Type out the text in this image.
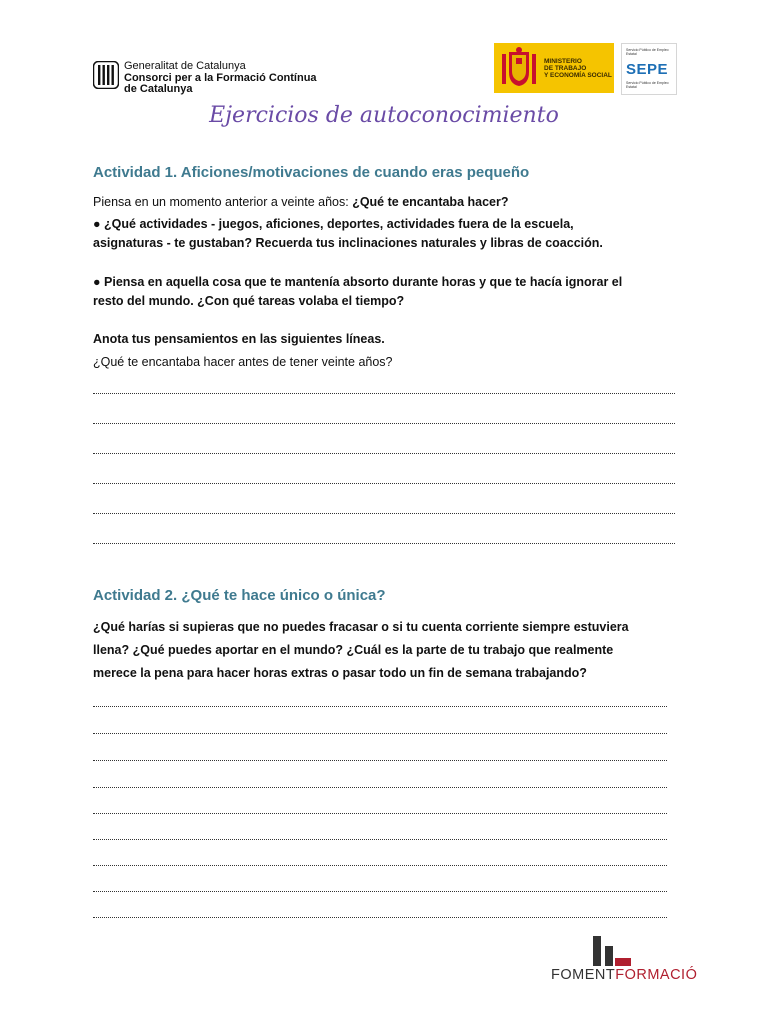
Generalitat de Catalunya
Consorci per a la Formació Contínua
de Catalunya
MINISTERIO
DE TRABAJO
Y ECONOMÍA SOCIAL
Servicio Público de Empleo Estatal
SEPE
Servicio Público de Empleo Estatal
Ejercicios de autoconocimiento
Actividad 1. Aficiones/motivaciones de cuando eras pequeño
Piensa en un momento anterior a veinte años: ¿Qué te encantaba hacer?
● ¿Qué actividades - juegos, aficiones, deportes, actividades fuera de la escuela,
asignaturas - te gustaban? Recuerda tus inclinaciones naturales y libras de coacción.
● Piensa en aquella cosa que te mantenía absorto durante horas y que te hacía ignorar el
resto del mundo. ¿Con qué tareas volaba el tiempo?
Anota tus pensamientos en las siguientes líneas.
¿Qué te encantaba hacer antes de tener veinte años?
Actividad 2. ¿Qué te hace único o única?
¿Qué harías si supieras que no puedes fracasar o si tu cuenta corriente siempre estuviera
llena? ¿Qué puedes aportar en el mundo? ¿Cuál es la parte de tu trabajo que realmente
merece la pena para hacer horas extras o pasar todo un fin de semana trabajando?
FOMENTFORMACIÓ
